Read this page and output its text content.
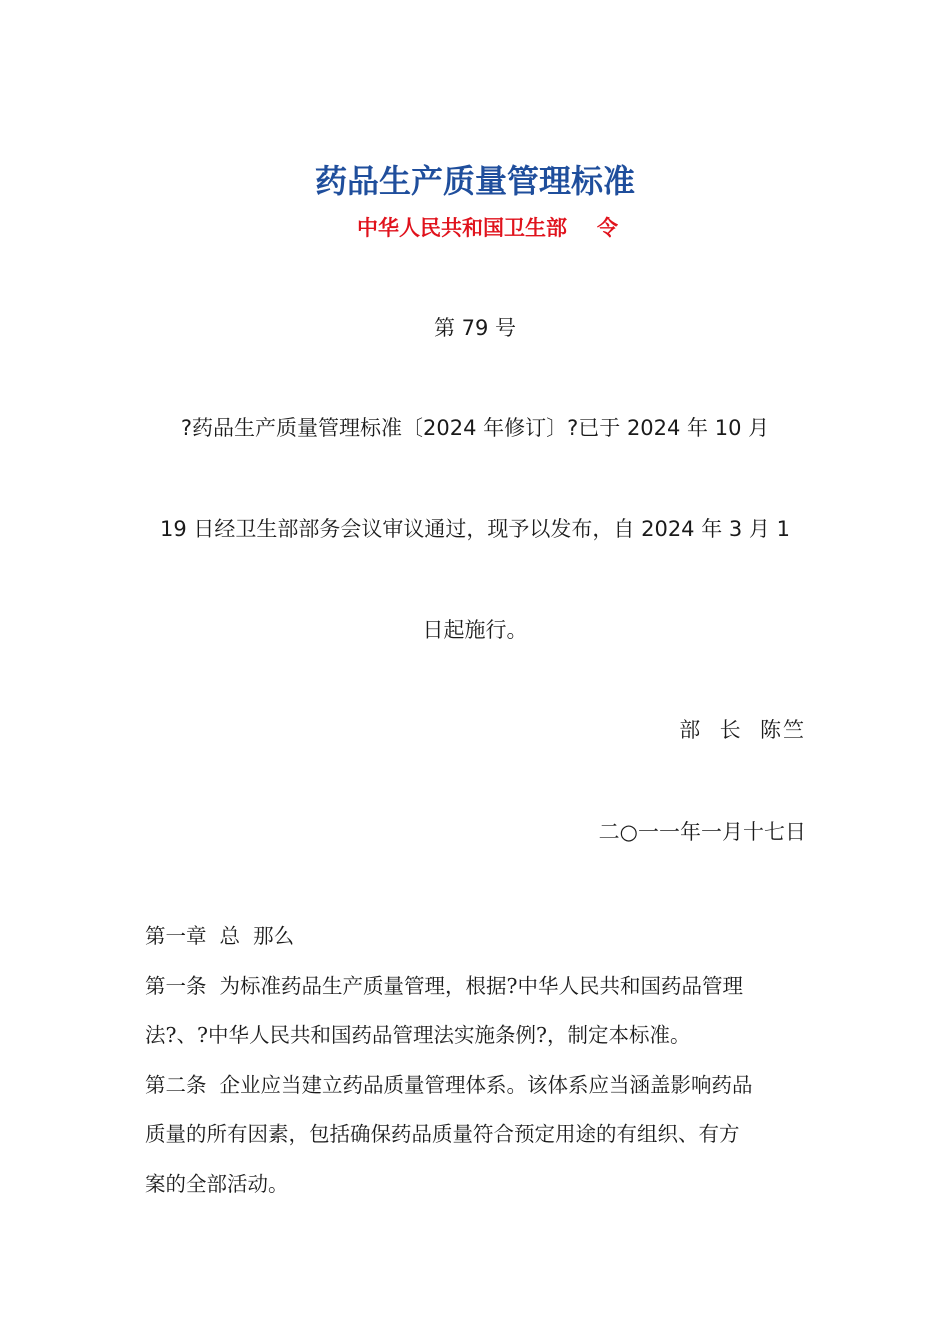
药品生产质量管理标准
中华人民共和国卫生部 令
第 79 号
?药品生产质量管理标准〔2024 年修订〕?已于 2024 年 10 月
19 日经卫生部部务会议审议通过，现予以发布，自 2024 年 3 月 1
日起施行。
部  长  陈竺
二○一一年一月十七日
第一章  总  那么
第一条  为标准药品生产质量管理，根据?中华人民共和国药品管理
法?、?中华人民共和国药品管理法实施条例?，制定本标准。
第二条  企业应当建立药品质量管理体系。该体系应当涵盖影响药品
质量的所有因素，包括确保药品质量符合预定用途的有组织、有方
案的全部活动。
